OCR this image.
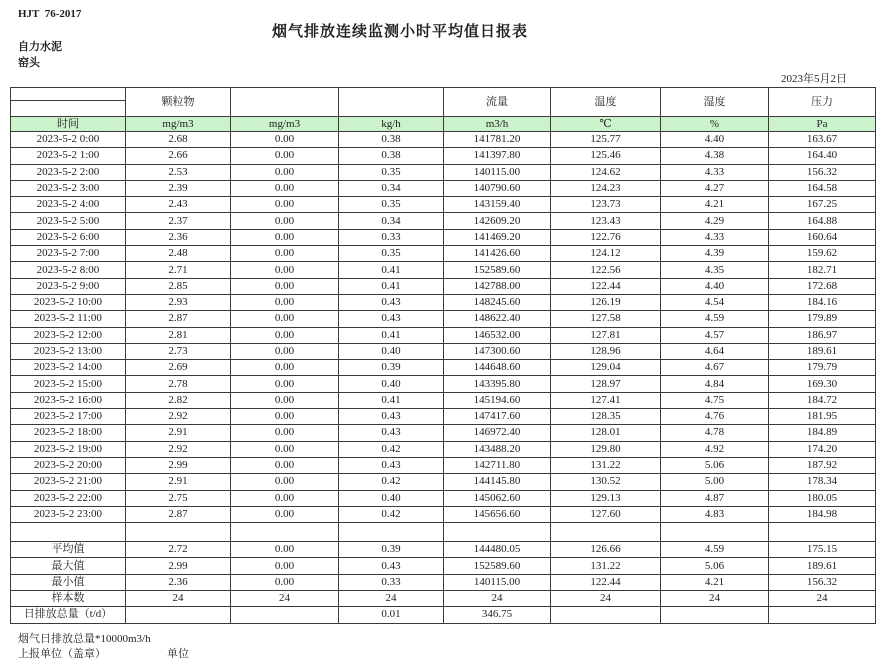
HJT  76-2017
烟气排放连续监测小时平均值日报表
自力水泥
窑头
2023年5月2日
	颗粒物			流量	温度	湿度	压力

时间	mg/m3	mg/m3	kg/h	m3/h	℃	%	Pa
2023-5-2 0:00	2.68	0.00	0.38	141781.20	125.77	4.40	163.67
2023-5-2 1:00	2.66	0.00	0.38	141397.80	125.46	4.38	164.40
2023-5-2 2:00	2.53	0.00	0.35	140115.00	124.62	4.33	156.32
2023-5-2 3:00	2.39	0.00	0.34	140790.60	124.23	4.27	164.58
2023-5-2 4:00	2.43	0.00	0.35	143159.40	123.73	4.21	167.25
2023-5-2 5:00	2.37	0.00	0.34	142609.20	123.43	4.29	164.88
2023-5-2 6:00	2.36	0.00	0.33	141469.20	122.76	4.33	160.64
2023-5-2 7:00	2.48	0.00	0.35	141426.60	124.12	4.39	159.62
2023-5-2 8:00	2.71	0.00	0.41	152589.60	122.56	4.35	182.71
2023-5-2 9:00	2.85	0.00	0.41	142788.00	122.44	4.40	172.68
2023-5-2 10:00	2.93	0.00	0.43	148245.60	126.19	4.54	184.16
2023-5-2 11:00	2.87	0.00	0.43	148622.40	127.58	4.59	179.89
2023-5-2 12:00	2.81	0.00	0.41	146532.00	127.81	4.57	186.97
2023-5-2 13:00	2.73	0.00	0.40	147300.60	128.96	4.64	189.61
2023-5-2 14:00	2.69	0.00	0.39	144648.60	129.04	4.67	179.79
2023-5-2 15:00	2.78	0.00	0.40	143395.80	128.97	4.84	169.30
2023-5-2 16:00	2.82	0.00	0.41	145194.60	127.41	4.75	184.72
2023-5-2 17:00	2.92	0.00	0.43	147417.60	128.35	4.76	181.95
2023-5-2 18:00	2.91	0.00	0.43	146972.40	128.01	4.78	184.89
2023-5-2 19:00	2.92	0.00	0.42	143488.20	129.80	4.92	174.20
2023-5-2 20:00	2.99	0.00	0.43	142711.80	131.22	5.06	187.92
2023-5-2 21:00	2.91	0.00	0.42	144145.80	130.52	5.00	178.34
2023-5-2 22:00	2.75	0.00	0.40	145062.60	129.13	4.87	180.05
2023-5-2 23:00	2.87	0.00	0.42	145656.60	127.60	4.83	184.98

平均值	2.72	0.00	0.39	144480.05	126.66	4.59	175.15
最大值	2.99	0.00	0.43	152589.60	131.22	5.06	189.61
最小值	2.36	0.00	0.33	140115.00	122.44	4.21	156.32
样本数	24	24	24	24	24	24	24
日排放总量（t/d）			0.01	346.75			
烟气日排放总量*10000m3/h
上报单位（盖章）	单位
